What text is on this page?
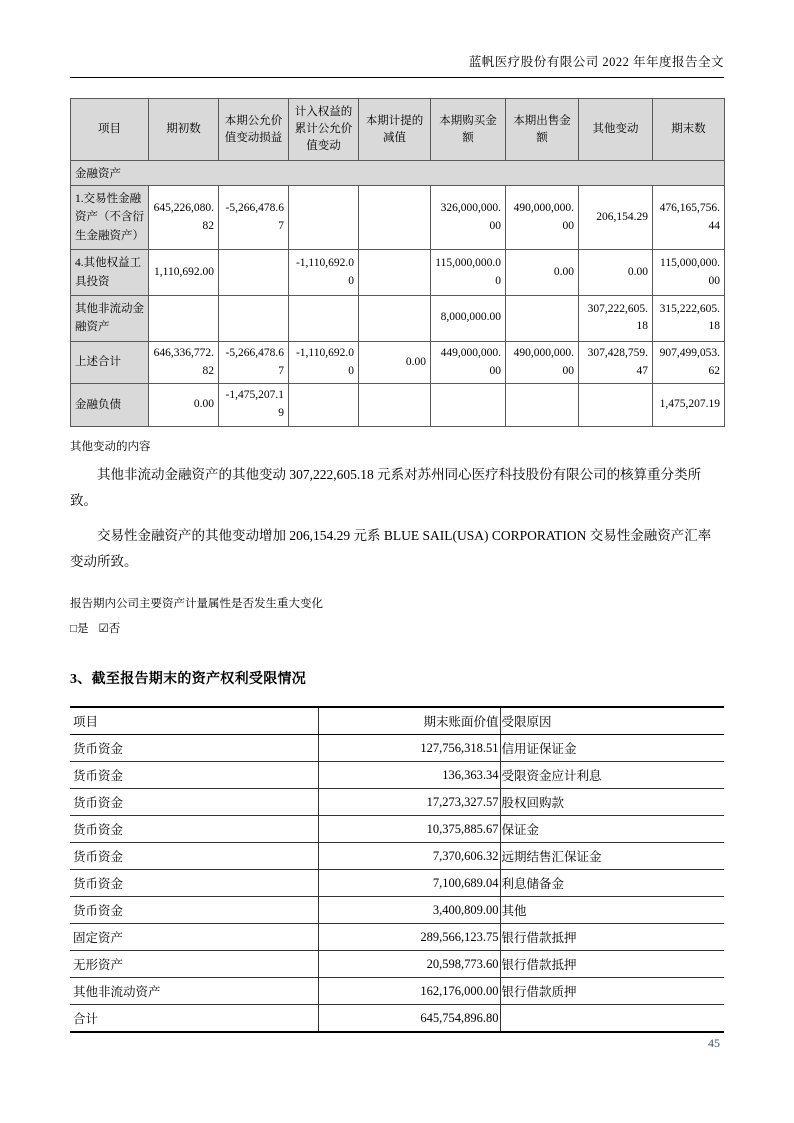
蓝帆医疗股份有限公司 2022 年年度报告全文
项目	期初数	本期公允价值变动损益	计入权益的累计公允价值变动	本期计提的减值	本期购买金额	本期出售金额	其他变动	期末数
金融资产								
1.交易性金融资产（不含衍生金融资产）	645,226,080.82	-5,266,478.67			326,000,000.00	490,000,000.00	206,154.29	476,165,756.44
4.其他权益工具投资	1,110,692.00		-1,110,692.00		115,000,000.00	0.00	0.00	115,000,000.00
其他非流动金融资产					8,000,000.00		307,222,605.18	315,222,605.18
上述合计	646,336,772.82	-5,266,478.67	-1,110,692.00	0.00	449,000,000.00	490,000,000.00	307,428,759.47	907,499,053.62
金融负债	0.00	-1,475,207.19						1,475,207.19
其他变动的内容

其他非流动金融资产的其他变动 307,222,605.18 元系对苏州同心医疗科技股份有限公司的核算重分类所致。

交易性金融资产的其他变动增加 206,154.29 元系 BLUE SAIL(USA) CORPORATION 交易性金融资产汇率变动所致。

报告期内公司主要资产计量属性是否发生重大变化
□是 ☑否
3、截至报告期末的资产权利受限情况
项目	期末账面价值	受限原因
货币资金	127,756,318.51	信用证保证金
货币资金	136,363.34	受限资金应计利息
货币资金	17,273,327.57	股权回购款
货币资金	10,375,885.67	保证金
货币资金	7,370,606.32	远期结售汇保证金
货币资金	7,100,689.04	利息储备金
货币资金	3,400,809.00	其他
固定资产	289,566,123.75	银行借款抵押
无形资产	20,598,773.60	银行借款抵押
其他非流动资产	162,176,000.00	银行借款质押
合计	645,754,896.80	
45
